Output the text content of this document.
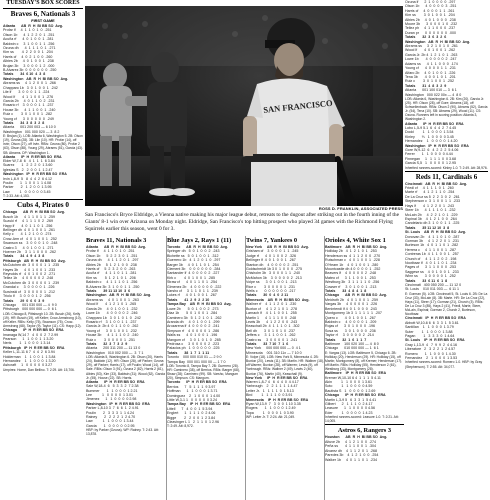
TUESDAY'S BOX SCORES
Braves 6, Nationals 3
FIRST GAME
Atlanta      AB  R  H  BI BB SO  Avg.
Profar lf     4  1  1  0  1  0  .251
Olson 1b      4  1  2  2  0  1  .251
Acuña rf      4  0  1  0  0  1  .281
Baldwin c     3  1  0  0  1  1  .256
Ozuna dh      4  1  1  1  0  1  .271
Kim ss        4  2  2  0  0  1  .204
Harris cf     4  0  2  1  0  0  .260
Albies 2b     4  0  1  0  0  1  .238
Brujan 3b     3  0  0  0  1  2  .000
B.Alvarez 3b  0  0  0  0  0  0  .250
Totals       34  6 10  4  3  8
Washington   AB  R  H  BI BB SO  Avg.
Abrams ss     4  1  2  0  0  1  .266
Chapparo 1b   3  0  1  0  0  1  .242
Lile lf       3  0  0  0  1  1  .224
Wood lf       4  1  1  0  0  1  .276
Garcia 2b     4  0  1  1  0  2  .231
Rosario rf    3  0  0  0  1  1  .237
House 3b      4  1  1  0  0  1  .240
Ruiz c        3  0  1  0  0  1  .282
Young cf      3  0  0  0  0  0  .249
Totals       34  3  8  3  2  8
Atlanta      001 200 003 — 6 10 0
Washington   001 000 020 — 3  8 2
E: Brujan (1). LOB: Atlanta 6, Washington 5. 2B: Olson (19), Ozuna (28). 3B: Lile (10). HR: Profar (14), off Irvin; Olson (27), off Irvin. RBIs: Ozuna (80), Profar 2 (63), Olson (88), Young (29), Abrams (51), Garcia (43). SB: Abrams. DP: Washington 1.
Atlanta      IP  H  R ER BB SO  ERA
Elder W,7-8  6   4  1  1  1  6 3.84
Suarez       1   2  2  2  0  1 3.60
Iglesias S   2   2  0  0  1  1 2.47
Washington   IP  H  R ER BB SO  ERA
Irvin L,8-9  5   8  4  4  2  6 4.12
Poulin       1   1  0  0  1  1 4.08
Parker       2   1  2  0  0  1 3.95
Law          1   0  0  0  0  0 3.45
T: 2:33. Att: 4,153.
Cubs 4, Pirates 0
Chicago      AB  R  H  BI BB SO  Avg.
Busch 1b      4  1  1  0  1  1  .259
Suzuki rf     4  1  1  1  0  2  .269
Happ lf       4  0  1  1  0  1  .256
Bellinger dh  4  0  1  0  0  1  .261
Kelly c       4  1  2  1  0  0  .274
Crow-Arm cf   4  0  1  0  0  1  .252
Swanson ss    3  0  0  0  1  0  .248
Castro 3      4  0  1  0  0  1  .271
Hoerner 2b    3  1  1  0  0  0  .262
Totals       34  4  9  4  3  8
Pittsburgh   AB  R  H  BI BB SO  Avg.
McCutchen dh  3  0  0  0  1  1  .235
Hayes 3b      4  0  1  0  0  1  .233
Reynolds rf   4  0  1  0  0  2  .271
Tellez 1b     4  0  0  0  0  2  .248
McCutchen 4b  3  0  0  0  0  1  .239
Grandal c     3  0  0  0  0  1  .226
Suwinski cf   3  0  0  0  0  1  .212
Triolo lf     3  0  0  0  1  2  .256
Totals       29  0  6  0  3  9
Chicago      001 030 000 — 4  9 0
Pittsburgh   000 000 000 — 0  6 1
LOB: Chicago 8, Pittsburgh 10. 2B: Busch (26), Kelly (19). HR: Busch (19), off Keller; Crow-Armstrong (10), off Keller. RBIs: Kelly (75), Swanson (75), Crow-Armstrong (68), Taylor (9). Taylor (11). CS: Happ (12).
Chicago      IP  H  R ER BB SO  ERA
Imanaga W,14 7   4  0  0  2  7 2.99
Pearson      1   1  0  0  1  1 3.20
Neris        1   1  0  0  0  1 3.14
Pittsburgh   IP  H  R ER BB SO  ERA
Keller L,11-11 6 7  4  4  2  6 3.94
Holderman    1   1  0  0  1  1 3.84
Hernandez    1   1  0  0  0  1 3.20
Ashcraft     1   0  0  0  0  0 3.27
Umpires: Home, Dan Bellino. T: 2:29. Att: 15,706.
SAN FRANCISCO
ROSS D. FRANKLIN, ASSOCIATED PRESS
San Francisco's Bryce Eldridge, a Vienna native making his major league debut, retreats to the dugout after striking out in the fourth inning of the Giants' 8-1 win over Arizona on Monday night. Eldridge, San Francisco's top hitting prospect who played 34 games with the Richmond Flying Squirrels earlier this season, went 0 for 3.
Ozuna lf      2  1  0  0  0  0  .297
Olson 1b      4  0  0  0  0  3  .251
Harris cf     4  0  0  0  1  1  .261
Kim ss        3  0  1  0  0  1  .204
Albies 2b     4  0  1  0  0  0  .238
Moore 3b      3  0  0  0  1  0  .232
Tellez ph     4  1  1  0  0  0  .237
Duran pr      0  0  0  0  0  0  .000
Totals       32  3  6  3  2  6
Washington   AB  R  H  BI BB SO  Avg.
Abrams ss     3  2  1  0  1  0  .261
Wood lf       4  0  1  0  0  1  .262
Garcia Jr. 2b 4  1  2  1  0  1  .263
Lowe 1b       4  0  0  0  0  2  .247
Adams ss      4  1  1  0  0  0  .174
Young cf      4  0  0  0  1  1  .231
Alfaro 2b     4  0  1  0  0  1  .226
Tena 3b       4  0  0  1  0  1  .201
Ruiz c        3  0  1  0  0  1  .252
Totals       31  4  8  3  2  9
Atlanta      001 100 010 — 3  6 1
Washington   000 022 00x — 4  8 0
LOB: Atlanta 6, Washington 6. 2B: Kim (20), Garcia Jr. (25). HR: Olson (28), off Gore; Abrams (18), off Schwellenbach. RBIs: Olson 2 (90), Abrams (52), Garcia Jr. (54), Tena (10). SB: Abrams (29), Wood (11). CS: Ozuna. Runners left in scoring position: Atlanta 3, Washington 2.
Atlanta      IP  H  R ER BB SO  ERA
Lobo L,5-9 5.1  6  4  4  2  7 4.45
Dodd         1   1  0  0  0  1 3.54
Kinley       ⅓   1  0  0  0  0 3.45
Hernandez    1   0  0  0  0  1 4.20
Washington   IP  H  R ER BB SO  ERA
Gore W,9-12  6   4  2  2  2  5 4.06
Ferrer       1   1  0  0  0  0 4.44
Finnegan     1   1  1  1  0  0 3.68
Garcia S,5   1   0  0  0  0  1 2.95
Inherited runners-scored: Kinley 1-0. T: 2:49. Att: 28,976.
Reds 11, Cardinals 6
Cincinnati   AB  R  H  BI BB SO  Avg.
Friedl cf     4  1  1  1  0  1  .260
Marte rf      4  1  2  1  1  0  .254
De La Cruz ss 5  2  2  3  0  2  .261
Stephenson c  3  1  0  0  1  1  .233
Hays lf       4  1  2  2  0  1  .243
Steer 1b      4  1  1  1  0  1  .232
McLain 2b     4  2  2  1  0  1  .229
Espinal 3b    4  1  2  1  0  0  .264
Candelario dh 3  1  0  0  1  1  .225
Totals       35 11 12 10  3  8
St. Louis    AB  R  H  BI BB SO  Avg.
Donovan 2b    4  1  1  0  1  0  .287
Gorman 3b     4  1  2  2  0  1  .231
Burleson 1b   4  0  1  1  0  1  .282
Herrera c     4  1  1  0  0  1  .287
Contreras 1b  4  1  1  0  0  1  .257
Church cf     4  1  1  2  0  2  .198
Nootbaar lf   4  0  1  1  0  1  .234
Pages cf      3  1  1  0  0  0  .253
Saggese ss    4  0  1  0  0  1  .233
Winn ss       3  0  0  0  0  1  .252
Totals       33  6 11  6  1  8
Cincinnati   400 050 200 — 11 12 0
St. Louis    010 011 003 —  6 11 1
E: Gorman (5). LOB: Cincinnati 5, St. Louis 6. 2B: De La Cruz (33), McLain (8). 3B: Marte. HR: De La Cruz (22), Hays (11), Steer (17); Gorman (21), Church (3). RBIs: De La Cruz 3 (85), Hays 2 (41), Friedl, Marte, Steer, McLain, Espinal; Gorman 2, Church 2, Burleson, Nootbaar.
Cincinnati   IP  H  R ER BB SO  ERA
Abbott W,10-6 6  6  3  3  1  5 3.61
Santillan    1   1  0  0  0  1 3.79
Suter        1   1  0  0  0  1 3.88
Pagan        1   3  3  3  0  1 4.64
St. Louis    IP  H  R ER BB SO  ERA
Gray L,13-9  4   7  9  9  2  4 4.16
Liberatore   2   3  2  2  1  2 4.57
Romero       1   1  0  0  0  1 4.30
Fernandez    2   1  0  0  0  1 3.53
Inherited runners-scored: Romero 1-0. HBP: by Gray (Stephenson). T: 2:55. Att: 34,077.
Braves 11, Nationals 3
Atlanta      AB  R  H  BI BB SO  Avg.
Profar lf     4  1  1  0  1  0  .251
Olson 1b      5  2  2  3  0  1  .251
Ozuna dh      4  1  1  2  0  1  .297
Albies 2b     5  1  2  1  0  0  .238
Harris cf     5  2  3  2  0  0  .263
Acuña rf      4  1  1  0  1  1  .281
Kim ss        5  1  2  1  0  1  .206
Baldwin c     4  1  1  1  0  1  .256
B.Alvarez 3b  3  1  0  0  1  1  .250
Totals       39 11 13 10  3  6
Washington   AB  R  H  BI BB SO  Avg.
Abrams ss     4  0  1  0  0  1  .263
Wood lf       4  1  2  1  0  1  .265
Garcia 2b     4  0  1  0  0  1  .232
Lowe 1b       4  0  0  0  0  2  .246
Chapparo 1b   3  0  1  0  1  0  .242
Rosario rf    3  1  0  0  1  1  .237
Garcia Jr. 2b 4  0  1  1  0  0  .262
Young cf      3  0  1  0  0  1  .232
House 3b      4  1  1  1  0  2  .240
Ruiz c        3  0  0  0  0  1  .251
Totals       32  3  7  3  2  9
Atlanta      200 311 200 — 11 13 0
Washington   010 002 000 —  3  7 1
LOB: Atlanta 5, Washington 6. 2B: Olson (20), Harris (24), Baldwin (12). HR: Olson (28), off Parker; Ozuna (29), off Parker; Harris (17), off Poulin; Wood (14), off Sale. RBIs: Olson 3 (91), Ozuna 2 (82), Harris 2 (61), Albies (53), Kim (33), Baldwin (31); Wood (52), Garcia Jr. (55), House (22). SB: Harris.
Atlanta      IP  H  R ER BB SO  ERA
Sale W,18-4  6   5  3  3  2  7 2.38
Bummer       1   1  0  0  0  1 2.21
Lee          1   0  0  0  0  1 3.01
Jimenez      1   1  0  0  0  0 2.98
Washington   IP  H  R ER BB SO  ERA
Parker L,8-10 3  7  6  6  1  2 4.91
Poulin       2   3  3  3  1  1 4.24
Rainey       2   2  2  2  1  2 4.70
Law          1   1  0  0  0  1 3.44
Garcia       1   0  0  0  0  0 2.95
HBP: by Parker (Ozuna). WP: Rainey. T: 2:43. Att: 13,878.
Blue Jays 2, Rays 1 (11)
Toronto      AB  R  H  BI BB SO  Avg.
Springer dh   5  0  1  0  0  2  .243
Bichette ss   5  0  1  0  0  1  .312
Guerrero 1b   4  1  2  0  1  0  .297
Barger 3b     4  0  1  1  0  1  .254
Clement 3b    0  0  0  0  0  0  .284
Santander lf  4  0  0  0  0  2  .227
Kirk c        4  0  1  0  0  1  .285
Straw cf      4  0  1  1  0  1  .254
Gimenez 2b    4  0  0  0  0  0  .222
Varsho cf     3  1  1  0  1  1  .239
Lukes rf      4  0  1  0  0  1  .267
Totals       41  2  9  2  2 10
Tampa Bay    AB  R  H  BI BB SO  Avg.
Lowe 2b       5  0  1  0  0  2  .273
Diaz 1b       5  0  1  0  0  1  .284
Caminero 3b   5  1  2  1  0  1  .262
Aranda dh     4  0  1  0  0  1  .299
Arozarena lf  4  0  0  0  0  2  .241
Simpson rf    4  0  0  0  0  1  .286
Walls ss      4  0  1  0  0  1  .196
Mangum cf     3  0  1  0  1  0  .285
Pedrosa c     3  0  0  0  0  2  .223
Palacios ph   1  0  0  0  0  0  .225
Totals       38  1  7  1  1 11
Toronto    000 000 010 01 — 2 9 0
Tampa Bay  000 001 000 00 — 1 7 0
LOB: Toronto 8, Tampa Bay 7. 2B: Guerrero (28). HR: Caminero (38), off Berrios. RBIs: Barger (68), Straw (28); Caminero (99). SB: Varsho, Mangum (20), Simpson. CS: Mangum.
Toronto      IP  H  R ER BB SO  ERA
Berrios      7   5  1  1  1  9 3.97
Hoffman      1   1  0  0  0  1 3.71
Dominguez    2   1  0  0  0  1 4.00
Little W,3-1 1   0  0  0  0  0 3.24
Tampa Bay    IP  H  R ER BB SO  ERA
Littell      7   4  0  0  1  5 3.94
Englert      1   1  1  1  0  2 4.06
Bigge        2   2  0  0  1  2 3.84
Cleavinger L 1   2  1  1  0  1 2.96
T: 2:49. Att: 8,972.
Twins 7, Yankees 0
New York     AB  R  H  BI BB SO  Avg.
Grisham cf    3  0  0  0  1  1  .245
Judge rf      4  0  1  0  0  2  .326
Bellinger lf  4  0  1  0  0  1  .267
Stanton dh    4  0  0  0  0  2  .251
Goldschmidt 1b 3 0  1  0  0  0  .275
Chisholm 3b   3  0  0  0  1  1  .240
McMahon 3b    3  0  0  0  0  2  .213
Volpe ss      3  0  1  0  0  1  .213
Rice c        3  0  0  0  0  1  .231
Wells c       0  0  0  0  0  0  .217
Totals       30  0  4  0  2 11
Minnesota    AB  R  H  BI BB SO  Avg.
Wallner rf    4  1  1  2  0  1  .230
Buxton cf     4  1  2  1  0  1  .278
Larnach lf    4  1  1  0  0  1  .255
Martin 1      4  1  1  1  0  0  .248
Lewis 3b      4  1  2  2  0  0  .243
Keaschall 2b  4  1  1  1  0  1  .302
Bell dh       3  0  1  0  1  0  .237
Jeffers c     3  1  1  0  0  1  .262
Castro ss     3  0  0  0  0  1  .241
Totals       33  7 10  7  1  6
New York     000 000 000 — 0  4 1
Minnesota    001 310 11x — 7 10 0
E: Volpe (18). LOB: New York 5, Minnesota 4. 2B: Buxton (20), Lewis (11). 3B: Martin. HR: Wallner (18), off Warren; Buxton (28), off Warren; Lewis (9), off Yarbrough. RBIs: Wallner 2 (49), Lewis 2 (40), Buxton (76), Martin (40), Keaschall (9).
New York     IP  H  R ER BB SO  ERA
Warren L,8-7 4   6  4  4  0  4 4.17
Yarbrough    2   2  1  1  1  1 4.47
Leiter Jr.   1   1  1  1  0  1 5.13
Bird         1   1  1  1  0  0 3.91
Minnesota    IP  H  R ER BB SO  ERA
Ryan W,13-9  7   3  0  0  1 10 3.35
Rogers       1   1  0  0  0  1 2.49
Topa         1   0  0  0  1  0 3.90
WP: Leiter Jr. T: 2:24. Att: 21,049.
Orioles 4, White Sox 1
Baltimore    AB  R  H  BI BB SO  Avg.
Holliday 2b   4  1  2  1  0  1  .253
Henderson ss  4  1  1  2  0  0  .270
Rutschman c   4  0  1  0  0  1  .228
O'Hearn 1b    4  0  1  0  0  1  .280
Mountcastle dh 4 0  0  0  0  1  .252
Beavers lf    4  0  0  0  0  2  .248
Mateo cf      3  1  1  0  0  1  .253
Westburg 3b   3  1  1  1  1  0  .256
Cowser rf     3  0  1  0  0  1  .213
Totals       33  4  8  4  1  8
Chicago      AB  R  H  BI BB SO  Avg.
Meidroth 2b   4  0  1  0  0  1  .259
Vargas 3b     4  0  0  0  0  1  .226
Benintendi lf 4  0  1  0  0  0  .243
Montgomery 1b 3  1  1  1  1  1  .207
Quero c       4  0  1  0  0  1  .267
Baldwin c     4  0  0  0  0  1  .209
Rojas cf      3  0  1  0  0  0  .196
Sosa ss       3  0  1  0  0  0  .236
Taylor rf     3  0  0  0  0  2  .214
Totals       32  1  6  1  1  7
Baltimore    100 020 100 — 4  8 0
Chicago      010 000 000 — 1  6 1
E: Vargas (13). LOB: Baltimore 5, Chicago 6. 2B: Holliday (20), Henderson (29). HR: Holliday (15), off Martin; Montgomery (8), off Kremer; Henderson (17), off Martin. RBIs: Holliday (55), Henderson 2 (61), Westburg (33), Montgomery (28).
Baltimore    IP  H  R ER BB SO  ERA
Kremer W,10-10 6 4  1  1  1  5 4.11
Akin         1   1  0  0  0  1 3.61
Soto         1   1  0  0  0  0 4.59
Bautista S   1   0  0  0  0  1 2.69
Chicago      IP  H  R ER BB SO  ERA
Martin L,3-9 5   6  3  3  1  5 4.41
Gilbert      2   1  1  1  0  2 4.17
Leasure      1   1  0  0  0  0 4.56
Eder         1   0  0  0  0  1 4.23
Inherited runners-scored: Leasure 1-0. T: 2:21. Att: 14,005.
Astros 6, Rangers 3
Houston      AB  R  H  BI BB SO  Avg.
Altuve 2b     4  1  2  1  0  0  .274
Peña ss       4  1  1  0  0  1  .304
Alvarez dh    4  1  1  2  0  1  .268
Paredes 3b    4  1  2  1  0  0  .254
Walker 1b     4  0  1  1  0  1  .234
